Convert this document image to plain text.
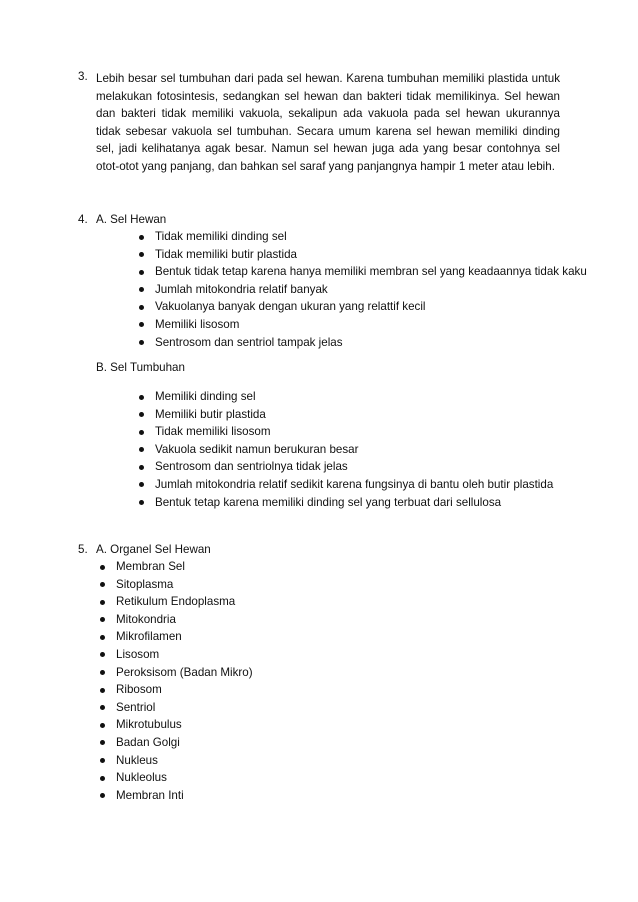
3. Lebih besar sel tumbuhan dari pada sel hewan. Karena tumbuhan memiliki plastida untuk melakukan fotosintesis, sedangkan sel hewan dan bakteri tidak memilikinya. Sel hewan dan bakteri tidak memiliki vakuola, sekalipun ada vakuola pada sel hewan ukurannya tidak sebesar vakuola sel tumbuhan. Secara umum karena sel hewan memiliki dinding sel, jadi kelihatanya agak besar. Namun sel hewan juga ada yang besar contohnya sel otot-otot yang panjang, dan bahkan sel saraf yang panjangnya hampir 1 meter atau lebih.

4. A. Sel Hewan
Tidak memiliki dinding sel
Tidak memiliki butir plastida
Bentuk tidak tetap karena hanya memiliki membran sel yang keadaannya tidak kaku
Jumlah mitokondria relatif banyak
Vakuolanya banyak dengan ukuran yang relattif kecil
Memiliki lisosom
Sentrosom dan sentriol tampak jelas
B. Sel Tumbuhan
Memiliki dinding sel
Memiliki butir plastida
Tidak memiliki lisosom
Vakuola sedikit namun berukuran besar
Sentrosom dan sentriolnya tidak jelas
Jumlah mitokondria relatif sedikit karena fungsinya di bantu oleh butir plastida
Bentuk tetap karena memiliki dinding sel yang terbuat dari sellulosa
5. A. Organel Sel Hewan
Membran Sel
Sitoplasma
Retikulum Endoplasma
Mitokondria
Mikrofilamen
Lisosom
Peroksisom (Badan Mikro)
Ribosom
Sentriol
Mikrotubulus
Badan Golgi
Nukleus
Nukleolus
Membran Inti
